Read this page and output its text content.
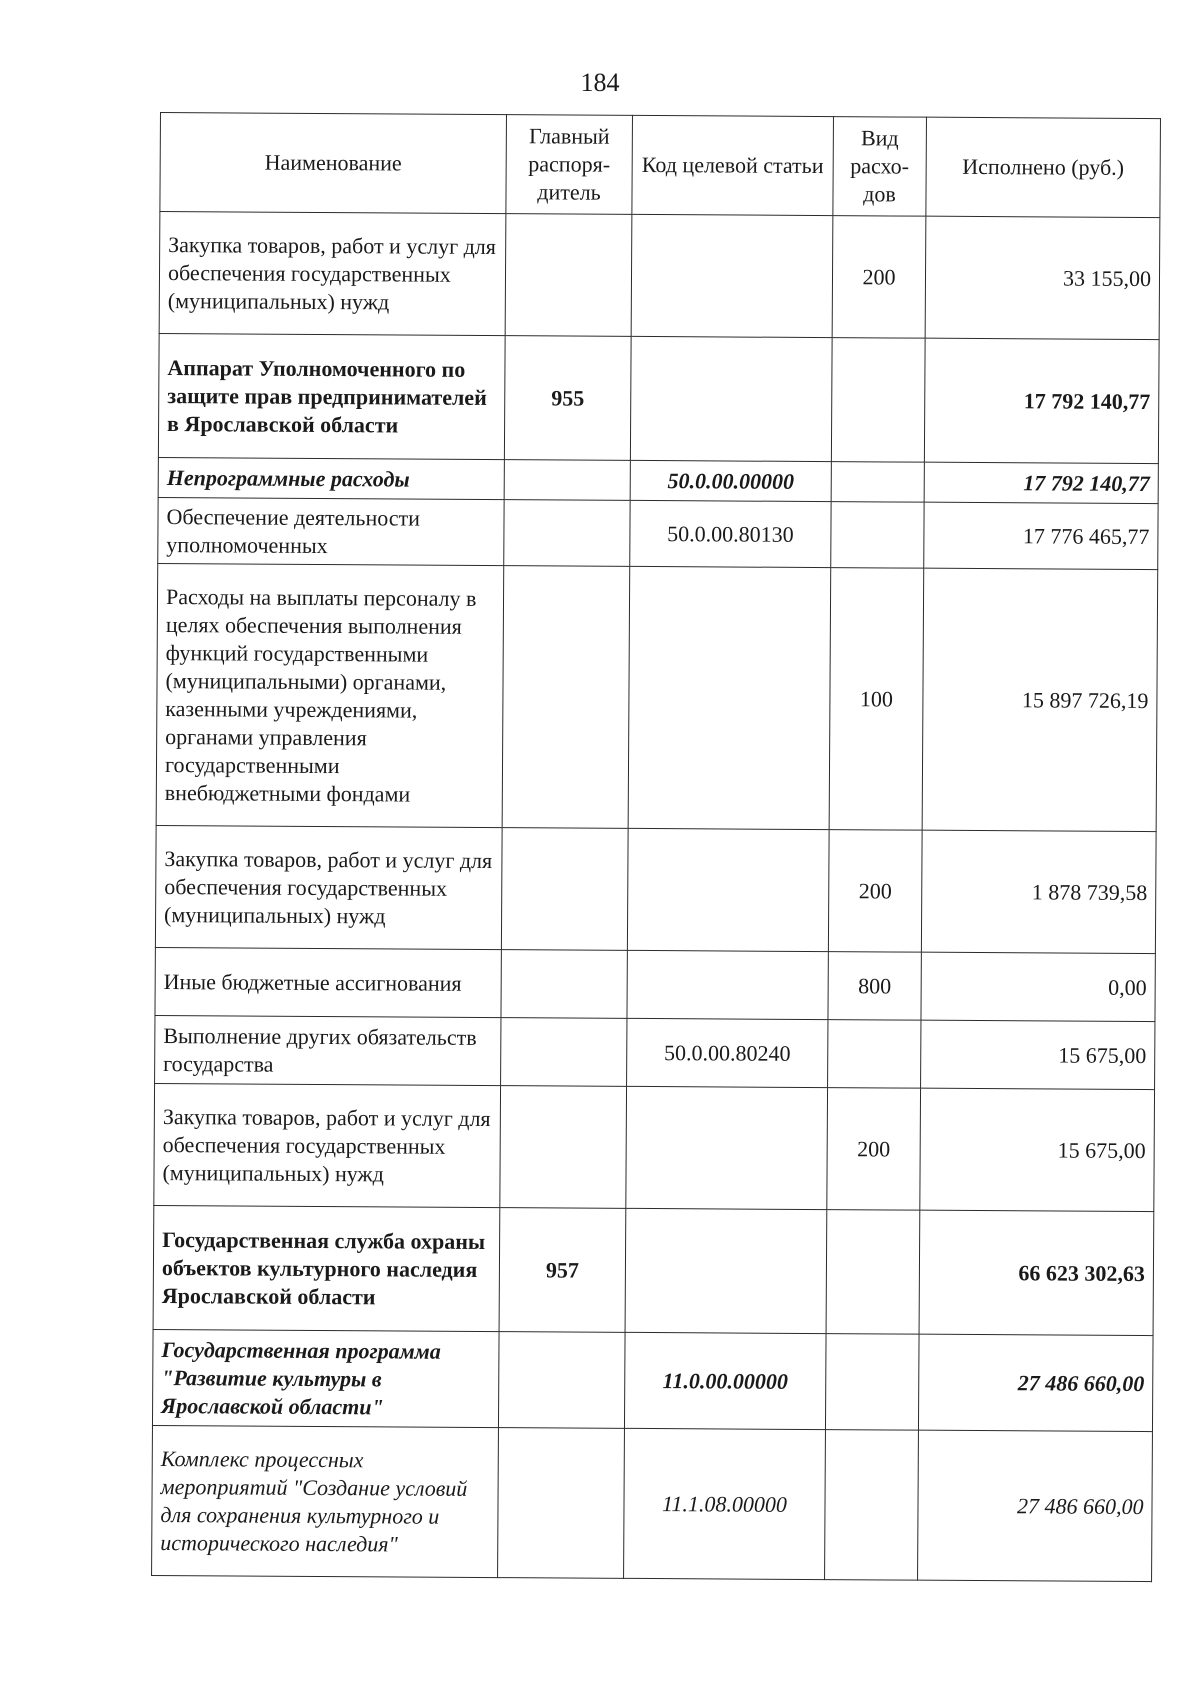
184
Наименование	Главный распоря-дитель	Код целевой статьи	Вид расхо-дов	Исполнено (руб.)
Закупка товаров, работ и услуг для обеспечения государственных (муниципальных) нужд			200	33 155,00
Аппарат Уполномоченного по защите прав предпринимателей в Ярославской области	955			17 792 140,77
Непрограммные расходы		50.0.00.00000		17 792 140,77
Обеспечение деятельности уполномоченных		50.0.00.80130		17 776 465,77
Расходы на выплаты персоналу в целях обеспечения выполнения функций государственными (муниципальными) органами, казенными учреждениями, органами управления государственными внебюджетными фондами			100	15 897 726,19
Закупка товаров, работ и услуг для обеспечения государственных (муниципальных) нужд			200	1 878 739,58
Иные бюджетные ассигнования			800	0,00
Выполнение других обязательств государства		50.0.00.80240		15 675,00
Закупка товаров, работ и услуг для обеспечения государственных (муниципальных) нужд			200	15 675,00
Государственная служба охраны объектов культурного наследия Ярославской области	957			66 623 302,63
Государственная программа "Развитие культуры в Ярославской области"		11.0.00.00000		27 486 660,00
Комплекс процессных мероприятий "Создание условий для сохранения культурного и исторического наследия"		11.1.08.00000		27 486 660,00
